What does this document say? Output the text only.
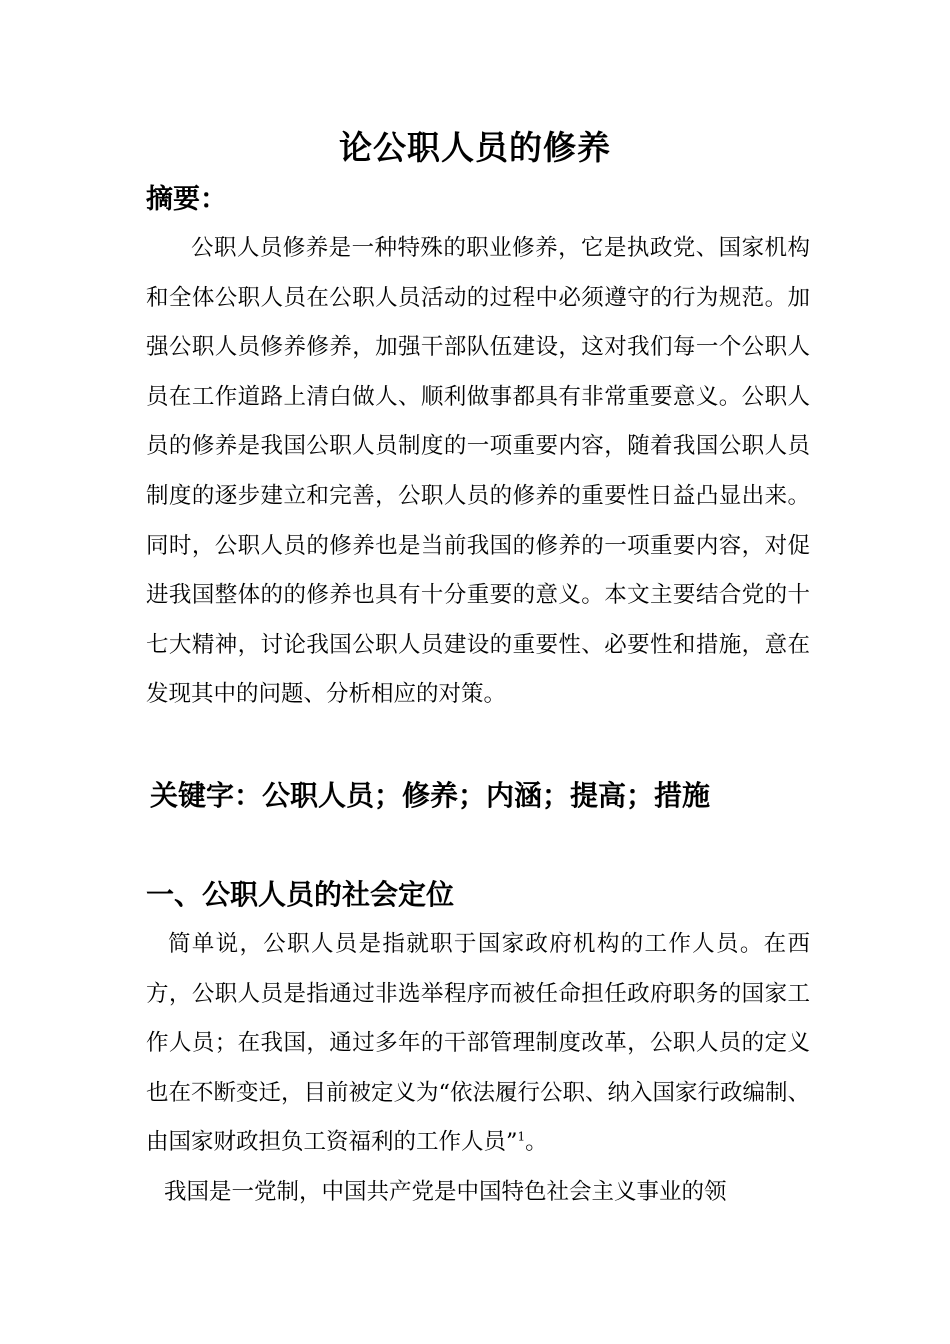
论公职人员的修养
摘要：

公职人员修养是一种特殊的职业修养，它是执政党、国家机构和全体公职人员在公职人员活动的过程中必须遵守的行为规范。加强公职人员修养修养，加强干部队伍建设，这对我们每一个公职人员在工作道路上清白做人、顺利做事都具有非常重要意义。公职人员的修养是我国公职人员制度的一项重要内容，随着我国公职人员制度的逐步建立和完善，公职人员的修养的重要性日益凸显出来。同时，公职人员的修养也是当前我国的修养的一项重要内容，对促进我国整体的的修养也具有十分重要的意义。本文主要结合党的十七大精神，讨论我国公职人员建设的重要性、必要性和措施，意在发现其中的问题、分析相应的对策。

关键字：公职人员；修养；内涵；提高；措施
一、公职人员的社会定位

简单说，公职人员是指就职于国家政府机构的工作人员。在西方，公职人员是指通过非选举程序而被任命担任政府职务的国家工作人员；在我国，通过多年的干部管理制度改革，公职人员的定义也在不断变迁，目前被定义为“依法履行公职、纳入国家行政编制、由国家财政担负工资福利的工作人员”$^1$。

我国是一党制，中国共产党是中国特色社会主义事业的领
